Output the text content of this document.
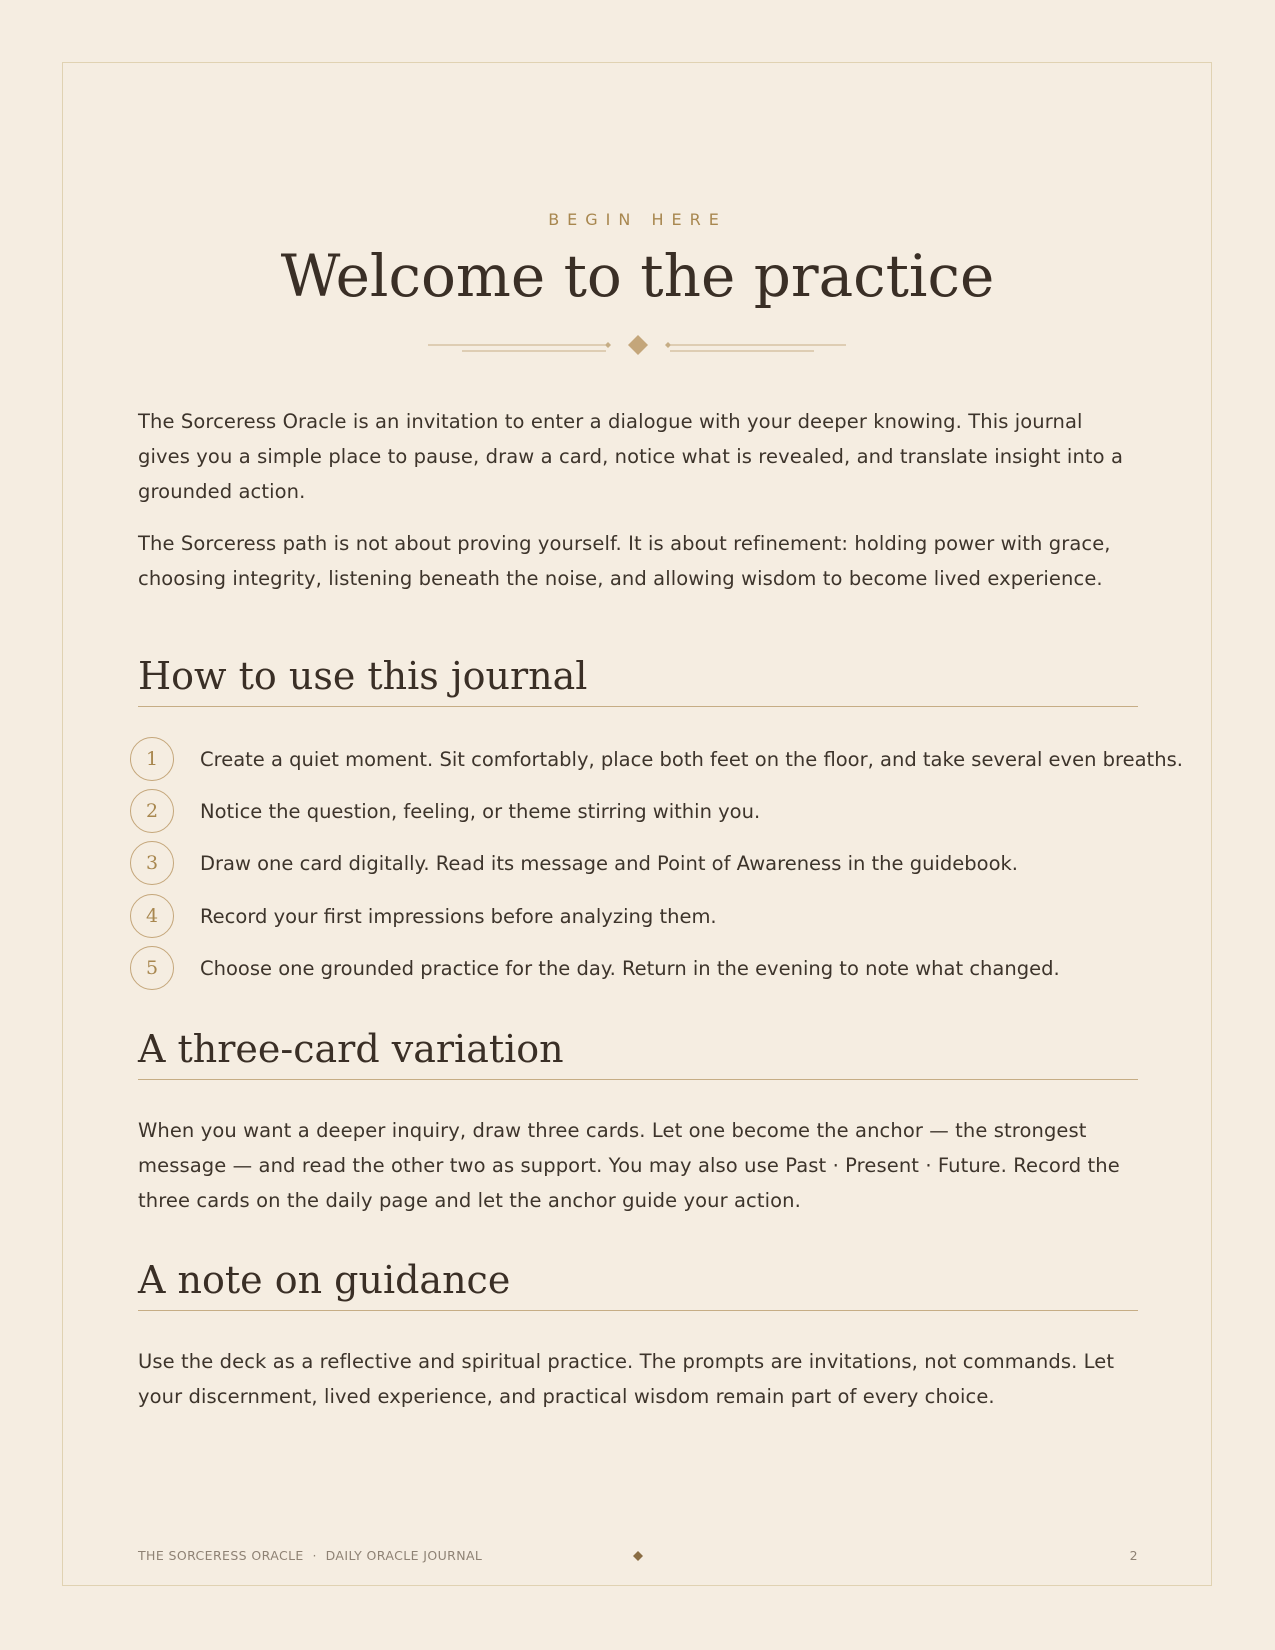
BEGIN HERE
Welcome to the practice

The Sorceress Oracle is an invitation to enter a dialogue with your deeper knowing. This journal gives you a simple place to pause, draw a card, notice what is revealed, and translate insight into a grounded action.

The Sorceress path is not about proving yourself. It is about refinement: holding power with grace, choosing integrity, listening beneath the noise, and allowing wisdom to become lived experience.

How to use this journal
1	Create a quiet moment. Sit comfortably, place both feet on the floor, and take several even breaths.
2	Notice the question, feeling, or theme stirring within you.
3	Draw one card digitally. Read its message and Point of Awareness in the guidebook.
4	Record your first impressions before analyzing them.
5	Choose one grounded practice for the day. Return in the evening to note what changed.
A three-card variation

When you want a deeper inquiry, draw three cards. Let one become the anchor — the strongest message — and read the other two as support. You may also use Past · Present · Future. Record the three cards on the daily page and let the anchor guide your action.

A note on guidance

Use the deck as a reflective and spiritual practice. The prompts are invitations, not commands. Let your discernment, lived experience, and practical wisdom remain part of every choice.

THE SORCERESS ORACLE  ·  DAILY ORACLE JOURNAL	2
